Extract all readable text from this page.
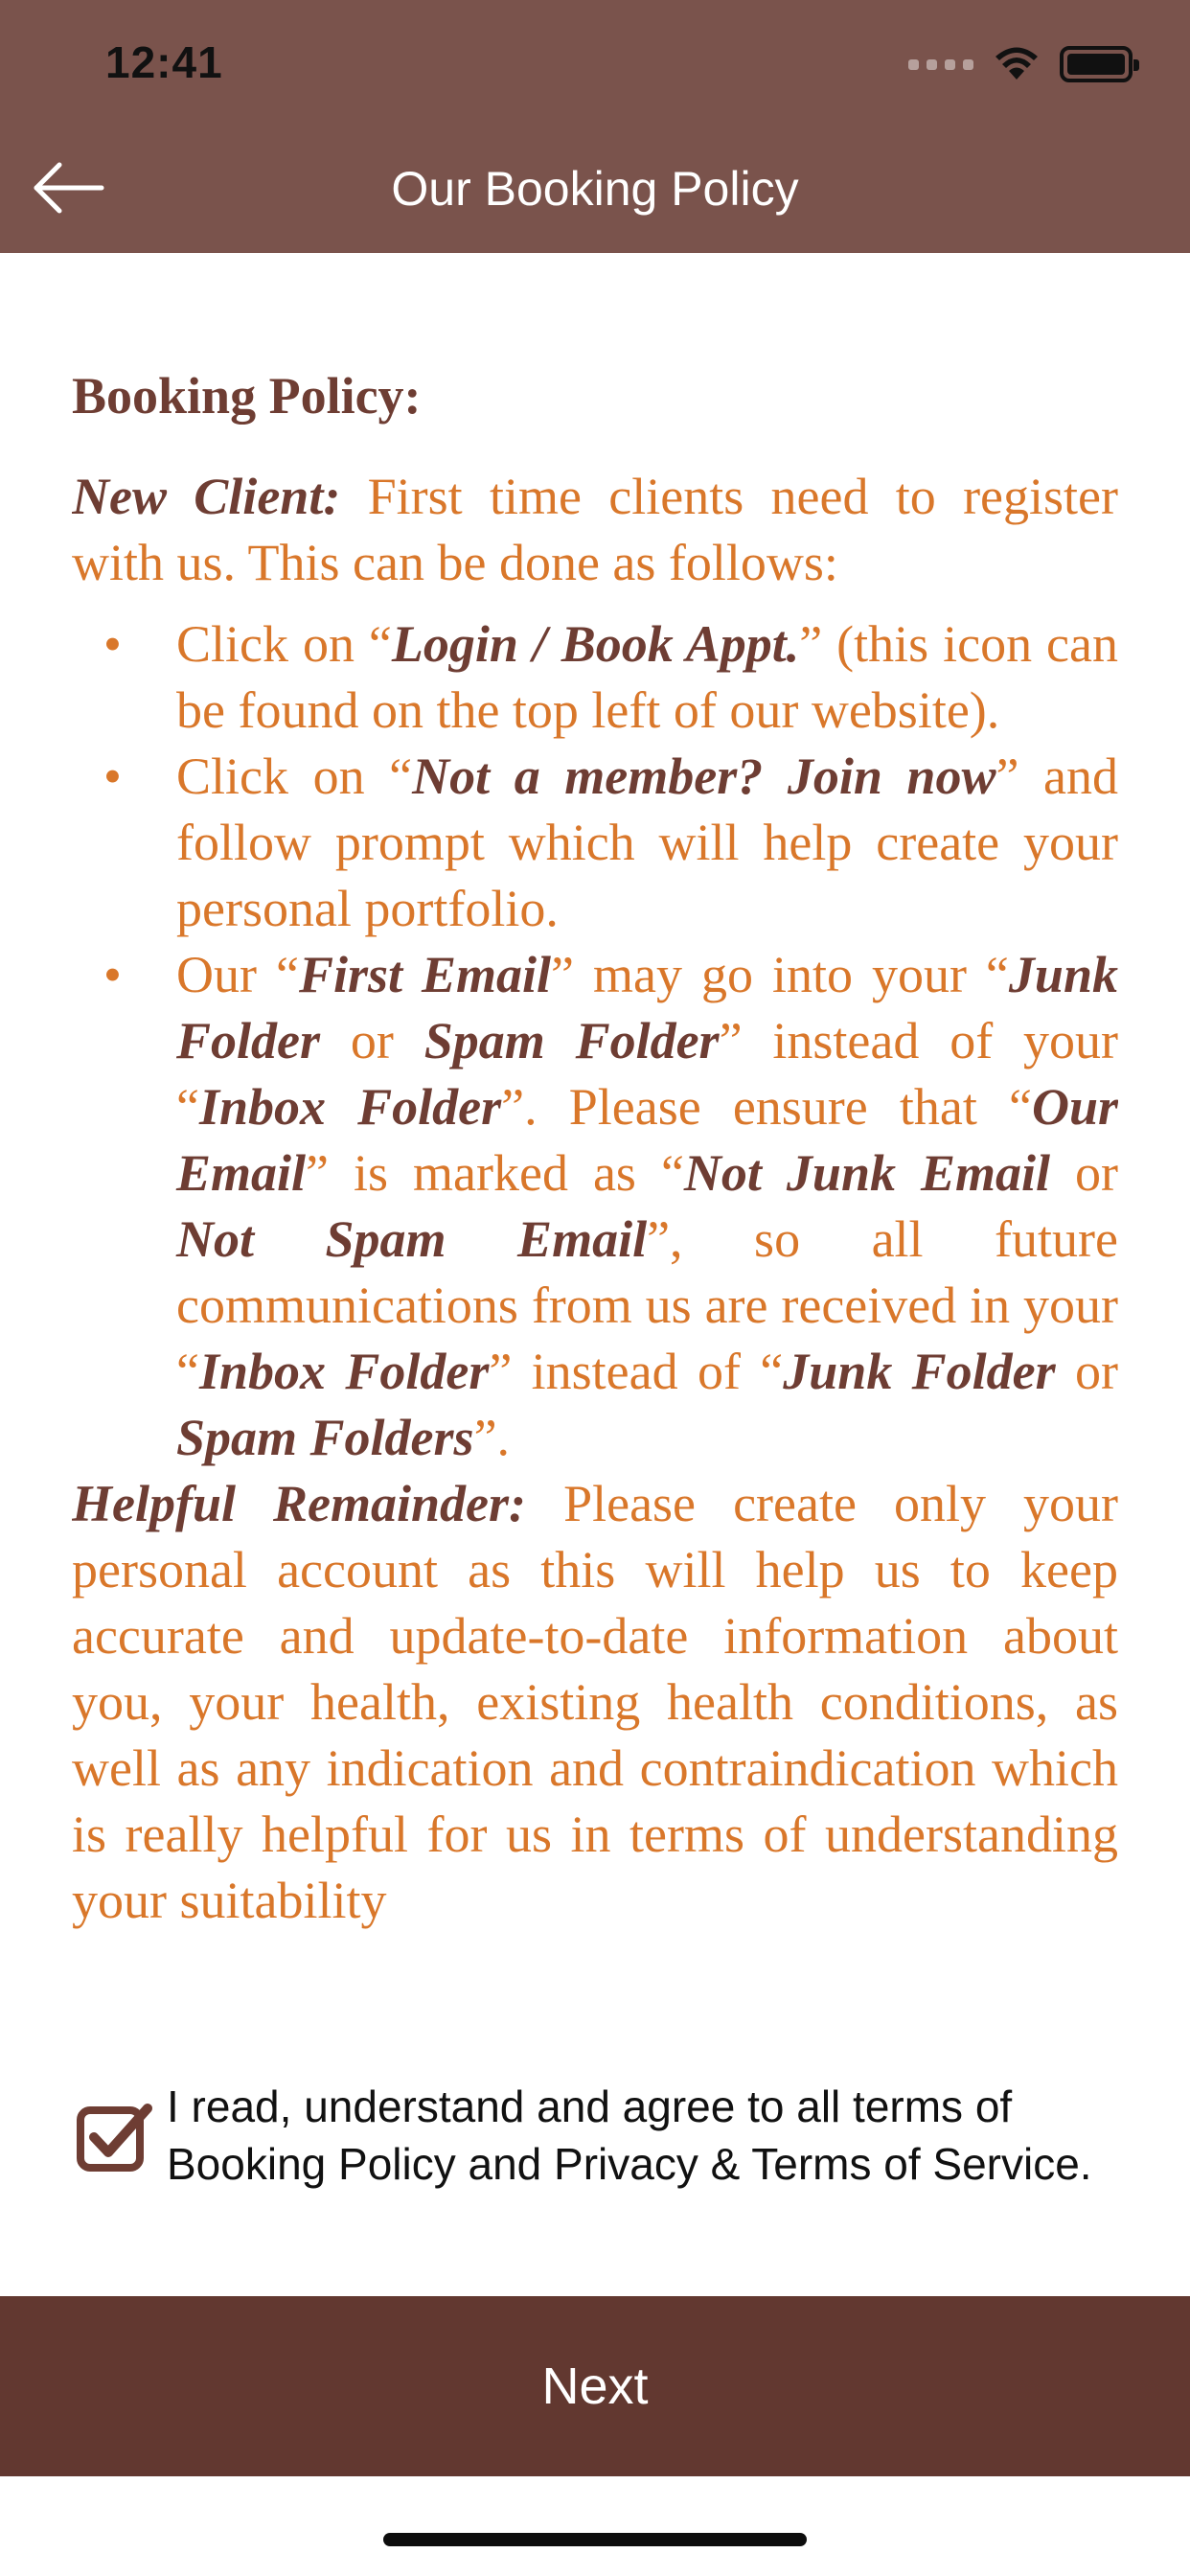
12:41
Our Booking Policy
Booking Policy:

New Client: First time clients need to register with us. This can be done as follows:

• Click on “Login / Book Appt.” (this icon can be found on the top left of our website).
• Click on “Not a member? Join now” and follow prompt which will help create your personal portfolio.
• Our “First Email” may go into your “Junk Folder or Spam Folder” instead of your “Inbox Folder”. Please ensure that “Our Email” is marked as “Not Junk Email or Not Spam Email”, so all future communications from us are received in your “Inbox Folder” instead of “Junk Folder or Spam Folders”.

Helpful Remainder: Please create only your personal account as this will help us to keep accurate and update-to-date information about you, your health, existing health conditions, as well as any indication and contraindication which is really helpful for us in terms of understanding your suitability

I read, understand and agree to all terms of Booking Policy and Privacy & Terms of Service.
Next
